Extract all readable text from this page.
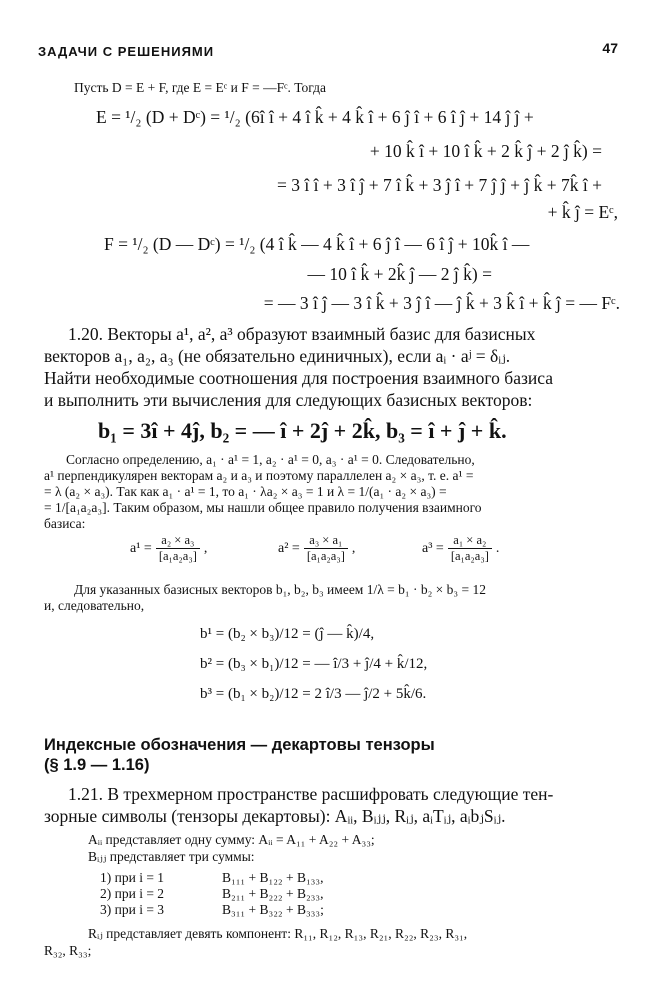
ЗАДАЧИ С РЕШЕНИЯМИ	47
Пусть D = E + F, где E = Eᶜ и F = —Fᶜ. Тогда
E = ¹/₂ (D + Dᶜ) = ¹/₂ (6î î + 4 î k̂ + 4 k̂ î + 6 ĵ î + 6 î ĵ + 14 ĵ ĵ +
+ 10 k̂ î + 10 î k̂ + 2 k̂ ĵ + 2 ĵ k̂) =
= 3 î î + 3 î ĵ + 7 î k̂ + 3 ĵ î + 7 ĵ ĵ + ĵ k̂ + 7k̂ î +
+ k̂ ĵ = Eᶜ,
F = ¹/₂ (D — Dᶜ) = ¹/₂ (4 î k̂ — 4 k̂ î + 6 ĵ î — 6 î ĵ + 10k̂ î —
— 10 î k̂ + 2k̂ ĵ — 2 ĵ k̂) =
= — 3 î ĵ — 3 î k̂ + 3 ĵ î — ĵ k̂ + 3 k̂ î + k̂ ĵ = — Fᶜ.
1.20. Векторы a¹, a², a³ образуют взаимный базис для базисных
векторов a₁, a₂, a₃ (не обязательно единичных), если aᵢ · aʲ = δᵢⱼ.
Найти необходимые соотношения для построения взаимного базиса
и выполнить эти вычисления для следующих базисных векторов:
b₁ = 3î + 4ĵ, b₂ = — î + 2ĵ + 2k̂, b₃ = î + ĵ + k̂.
Согласно определению, a₁ · a¹ = 1, a₂ · a¹ = 0, a₃ · a¹ = 0. Следовательно,
a¹ перпендикулярен векторам a₂ и a₃ и поэтому параллелен a₂ × a₃, т. е. a¹ =
= λ (a₂ × a₃). Так как a₁ · a¹ = 1, то a₁ · λa₂ × a₃ = 1 и λ = 1/(a₁ · a₂ × a₃) =
= 1/[a₁a₂a₃]. Таким образом, мы нашли общее правило получения взаимного
базиса:
$a^1 = \frac{\text{a₂ × a₃}}{\text{[a₁a₂a₃]}}$ ,	$a^2 = \frac{\text{a₃ × a₁}}{\text{[a₁a₂a₃]}}$ ,	$a^3 = \frac{\text{a₁ × a₂}}{\text{[a₁a₂a₃]}}$ .
Для указанных базисных векторов b₁, b₂, b₃ имеем 1/λ = b₁ · b₂ × b₃ = 12
и, следовательно,
b¹ = (b₂ × b₃)/12 = (ĵ — k̂)/4,
b² = (b₃ × b₁)/12 = — î/3 + ĵ/4 + k̂/12,
b³ = (b₁ × b₂)/12 = 2 î/3 — ĵ/2 + 5k̂/6.
Индексные обозначения — декартовы тензоры
(§ 1.9 — 1.16)
1.21. В трехмерном пространстве расшифровать следующие тен-
зорные символы (тензоры декартовы): Aᵢᵢ, Bᵢⱼⱼ, Rᵢⱼ, aᵢTᵢⱼ, aᵢbⱼSᵢⱼ.
Aᵢᵢ представляет одну сумму: Aᵢᵢ = A₁₁ + A₂₂ + A₃₃;
Bᵢⱼⱼ представляет три суммы:
1) при i = 1	B₁₁₁ + B₁₂₂ + B₁₃₃,
2) при i = 2	B₂₁₁ + B₂₂₂ + B₂₃₃,
3) при i = 3	B₃₁₁ + B₃₂₂ + B₃₃₃;
Rᵢⱼ представляет девять компонент: R₁₁, R₁₂, R₁₃, R₂₁, R₂₂, R₂₃, R₃₁,
R₃₂, R₃₃;
